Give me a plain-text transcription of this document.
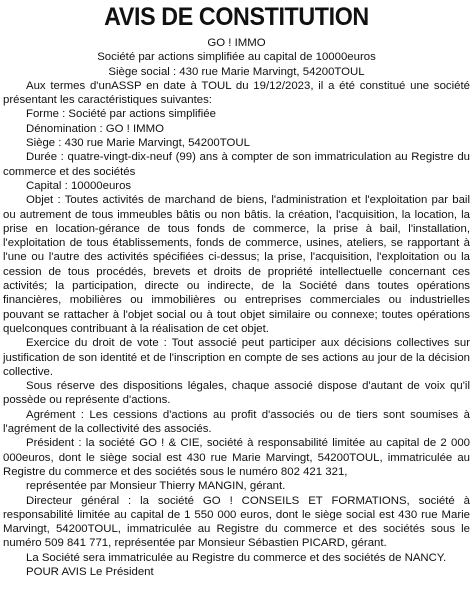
AVIS DE CONSTITUTION
GO ! IMMO
Société par actions simplifiée au capital de 10000euros
Siège social : 430 rue Marie Marvingt, 54200TOUL

Aux termes d'unASSP en date à TOUL du 19/12/2023, il a été constitué une société présentant les caractéristiques suivantes:

Forme : Société par actions simplifiée

Dénomination : GO ! IMMO

Siège : 430 rue Marie Marvingt, 54200TOUL

Durée : quatre-vingt-dix-neuf (99) ans à compter de son immatriculation au Registre du commerce et des sociétés

Capital : 10000euros

Objet : Toutes activités de marchand de biens, l'administration et l'exploitation par bail ou autrement de tous immeubles bâtis ou non bâtis. la création, l'acquisition, la location, la prise en location-gérance de tous fonds de commerce, la prise à bail, l'installation, l'exploitation de tous établissements, fonds de commerce, usines, ateliers, se rapportant à l'une ou l'autre des activités spécifiées ci-dessus; la prise, l'acquisition, l'exploitation ou la cession de tous procédés, brevets et droits de propriété intellectuelle concernant ces activités; la participation, directe ou indirecte, de la Société dans toutes opérations financières, mobilières ou immobilières ou entreprises commerciales ou industrielles pouvant se rattacher à l'objet social ou à tout objet similaire ou connexe; toutes opérations quelconques contribuant à la réalisation de cet objet.

Exercice du droit de vote : Tout associé peut participer aux décisions collectives sur justification de son identité et de l'inscription en compte de ses actions au jour de la décision collective.

Sous réserve des dispositions légales, chaque associé dispose d'autant de voix qu'il possède ou représente d'actions.

Agrément : Les cessions d'actions au profit d'associés ou de tiers sont soumises à l'agrément de la collectivité des associés.

Président : la société GO ! & CIE, société à responsabilité limitée au capital de 2 000 000euros, dont le siège social est 430 rue Marie Marvingt, 54200TOUL, immatriculée au Registre du commerce et des sociétés sous le numéro 802 421 321,

représentée par Monsieur Thierry MANGIN, gérant.

Directeur général : la société GO ! CONSEILS ET FORMATIONS, société à responsabilité limitée au capital de 1 550 000 euros, dont le siège social est 430 rue Marie Marvingt, 54200TOUL, immatriculée au Registre du commerce et des sociétés sous le numéro 509 841 771, représentée par Monsieur Sébastien PICARD, gérant.

La Société sera immatriculée au Registre du commerce et des sociétés de NANCY.

POUR AVIS Le Président
